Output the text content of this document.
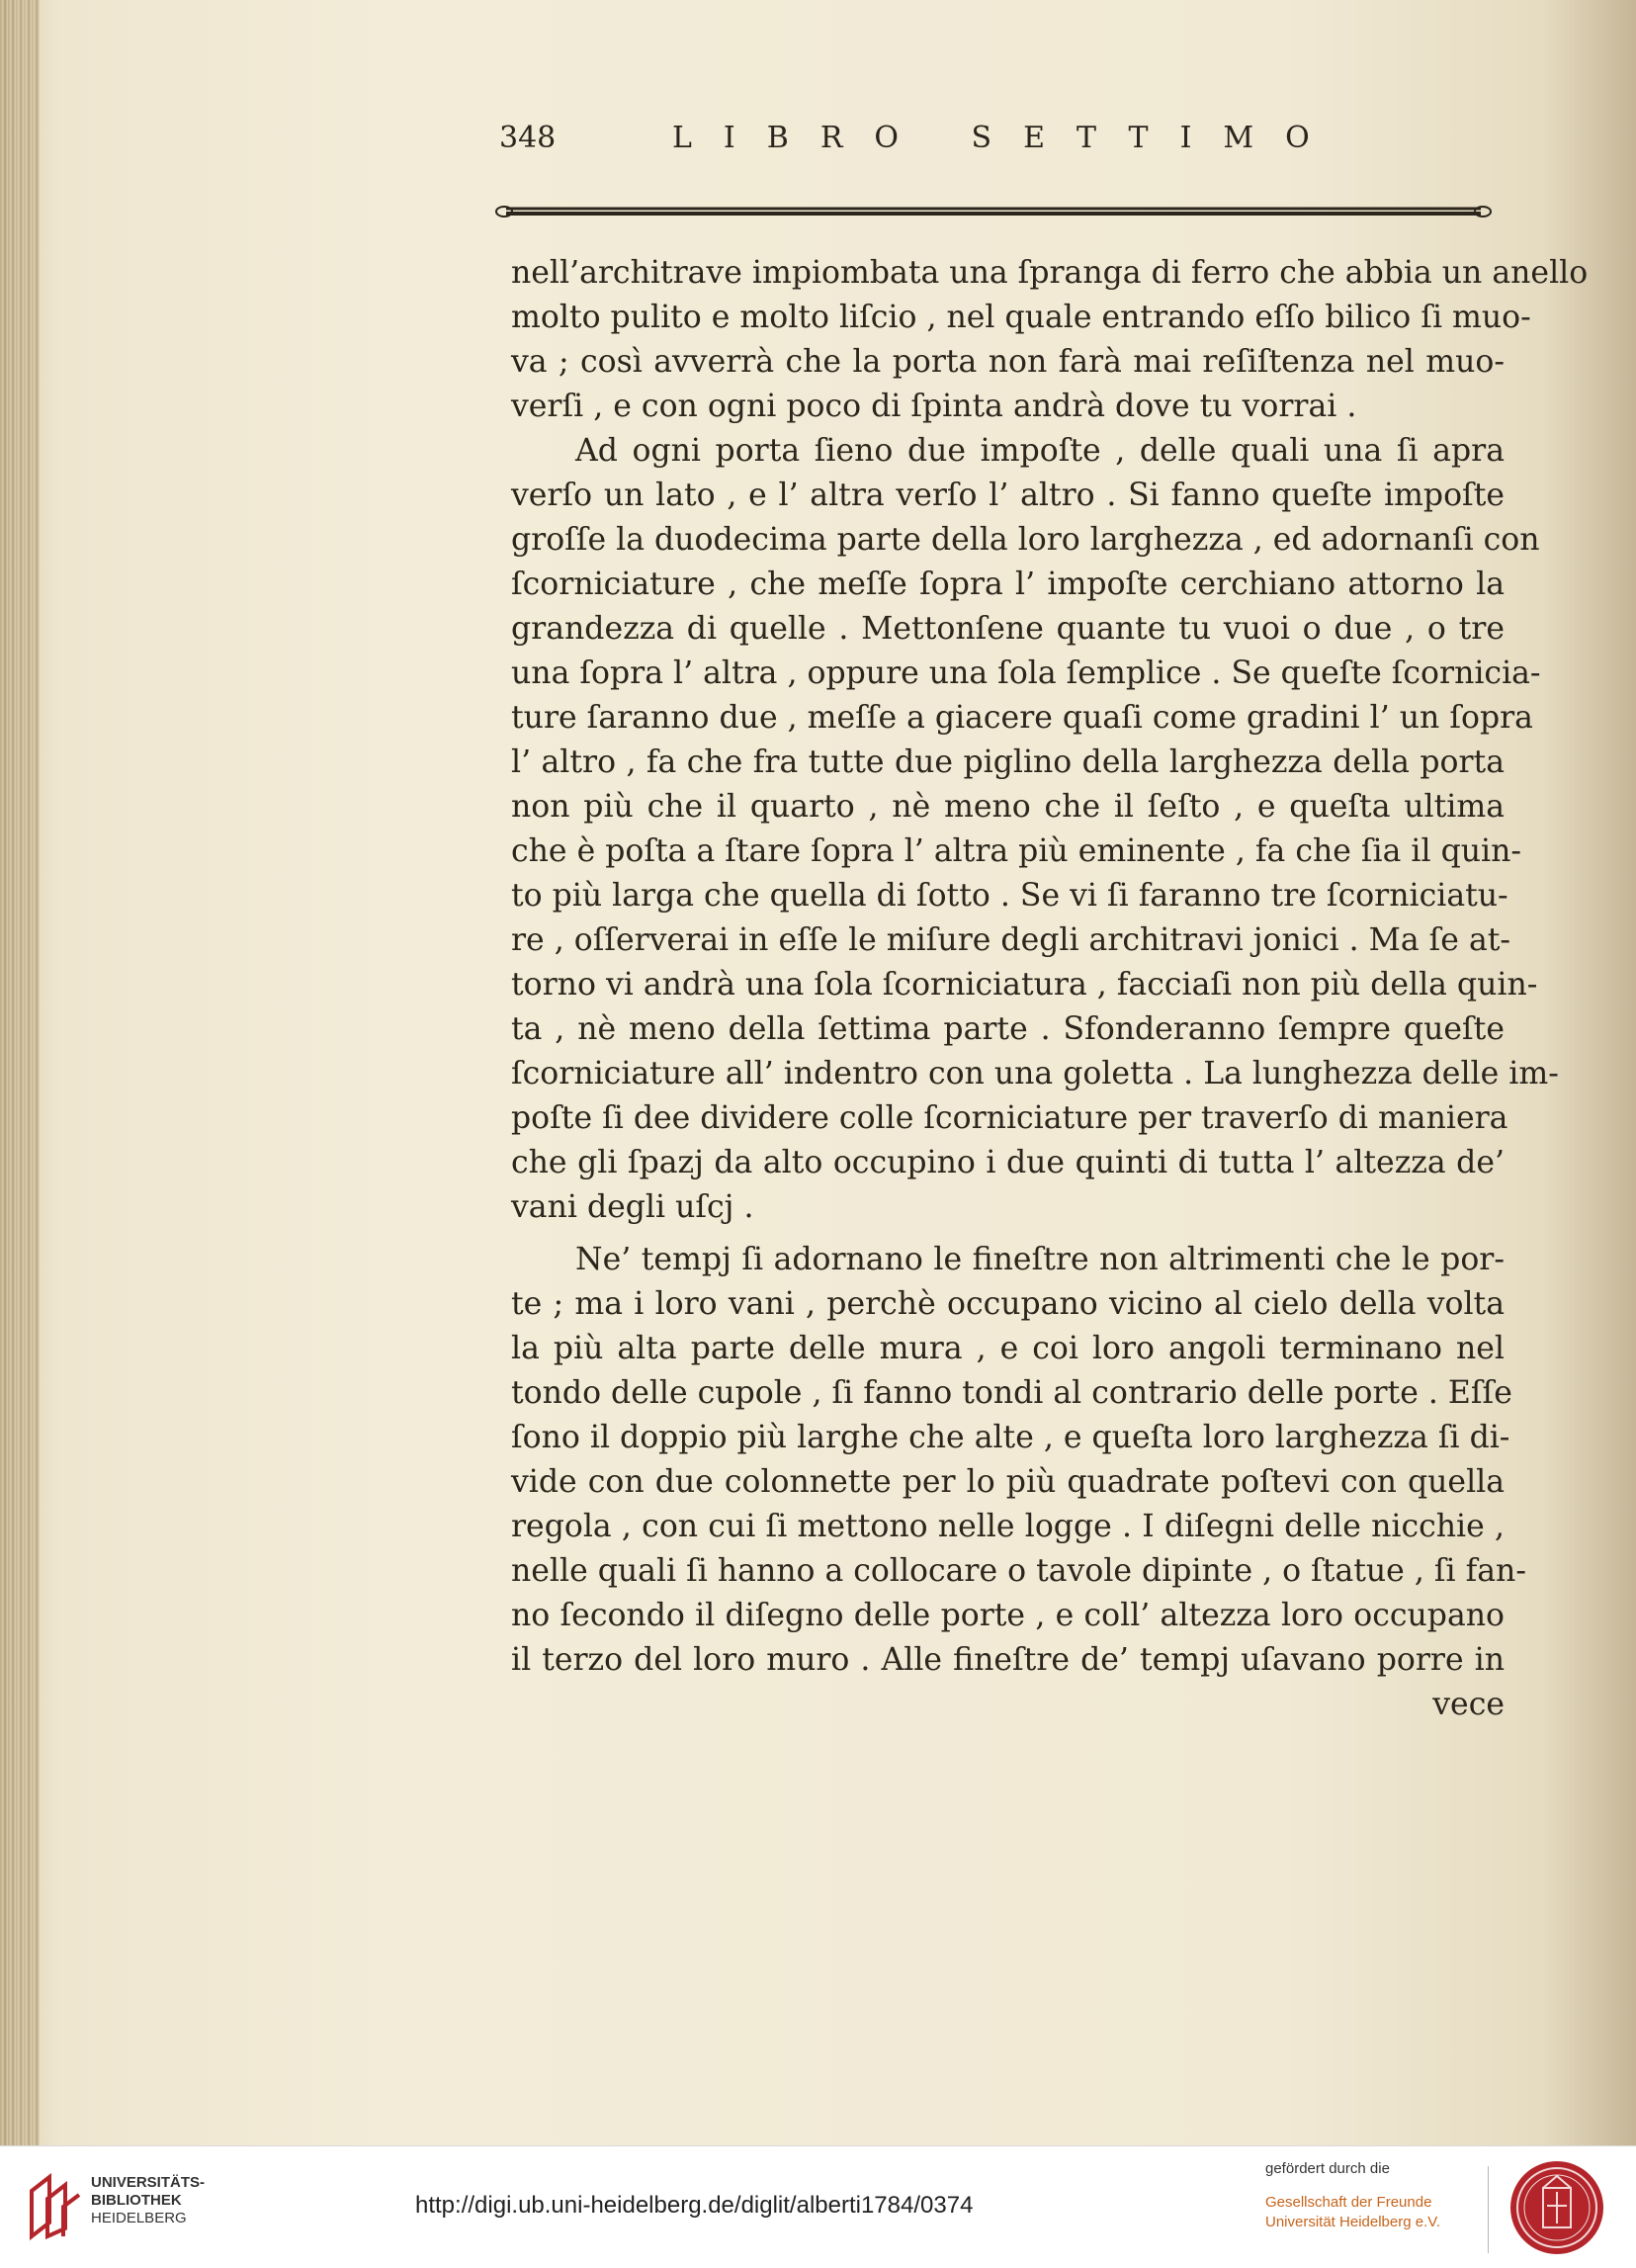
348	LIBRO SETTIMO
nell’architrave impiombata una ſpranga di ferro che abbia un anello
molto pulito e molto liſcio , nel quale entrando eſſo bilico ſi muo-
va ; così avverrà che la porta non farà mai reſiſtenza nel muo-
verſi , e con ogni poco di ſpinta andrà dove tu vorrai .
Ad ogni porta ſieno due impoſte , delle quali una ſi apra
verſo un lato , e l’ altra verſo l’ altro . Si fanno queſte impoſte
groſſe la duodecima parte della loro larghezza , ed adornanſi con
ſcorniciature , che meſſe ſopra l’ impoſte cerchiano attorno la
grandezza di quelle . Mettonſene quante tu vuoi o due , o tre
una ſopra l’ altra , oppure una ſola ſemplice . Se queſte ſcornicia-
ture ſaranno due , meſſe a giacere quaſi come gradini l’ un ſopra
l’ altro , fa che fra tutte due piglino della larghezza della porta
non più che il quarto , nè meno che il ſeſto , e queſta ultima
che è poſta a ſtare ſopra l’ altra più eminente , fa che ſia il quin-
to più larga che quella di ſotto . Se vi ſi faranno tre ſcorniciatu-
re , oſſerverai in eſſe le miſure degli architravi jonici . Ma ſe at-
torno vi andrà una ſola ſcorniciatura , facciaſi non più della quin-
ta , nè meno della ſettima parte . Sfonderanno ſempre queſte
ſcorniciature all’ indentro con una goletta . La lunghezza delle im-
poſte ſi dee dividere colle ſcorniciature per traverſo di maniera
che gli ſpazj da alto occupino i due quinti di tutta l’ altezza de’
vani degli uſcj .
Ne’ tempj ſi adornano le fineſtre non altrimenti che le por-
te ; ma i loro vani , perchè occupano vicino al cielo della volta
la più alta parte delle mura , e coi loro angoli terminano nel
tondo delle cupole , ſi fanno tondi al contrario delle porte . Eſſe
ſono il doppio più larghe che alte , e queſta loro larghezza ſi di-
vide con due colonnette per lo più quadrate poſtevi con quella
regola , con cui ſi mettono nelle logge . I diſegni delle nicchie ,
nelle quali ſi hanno a collocare o tavole dipinte , o ſtatue , ſi fan-
no ſecondo il diſegno delle porte , e coll’ altezza loro occupano
il terzo del loro muro . Alle fineſtre de’ tempj uſavano porre in
vece
UNIVERSITÄTS-
BIBLIOTHEK
HEIDELBERG	http://digi.ub.uni-heidelberg.de/diglit/alberti1784/0374
gefördert durch die
Gesellschaft der Freunde
Universität Heidelberg e.V.
